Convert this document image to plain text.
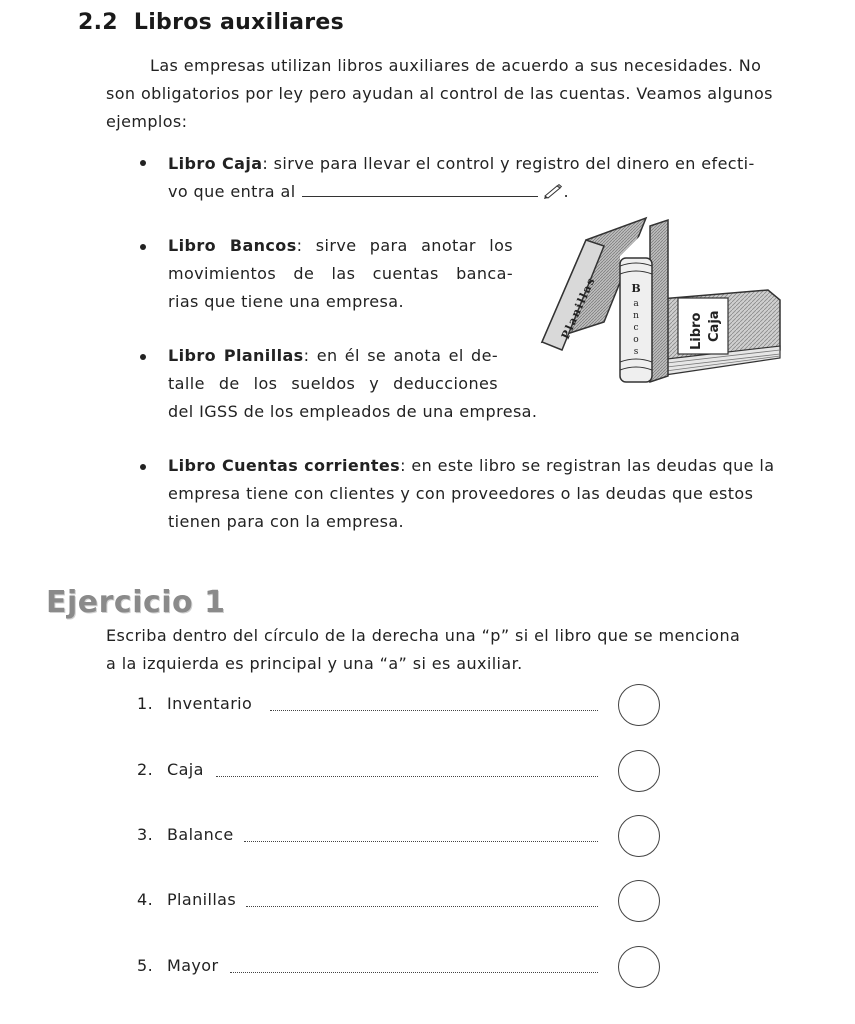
2.2 Libros auxiliares
Las empresas utilizan libros auxiliares de acuerdo a sus necesidades. No son obligatorios por ley pero ayudan al control de las cuentas. Veamos algunos ejemplos:
Libro Caja: sirve para llevar el control y registro del dinero en efecti-
vo que entra al	.
Libro Bancos: sirve para anotar los
movimientos de las cuentas banca-
rias que tiene una empresa.
Libro Planillas: en él se anota el de-
talle de los sueldos y deducciones
del IGSS de los empleados de una empresa.
Libro Caja
Planillas	B
a
n
c
o
s
Libro Cuentas corrientes: en este libro se registran las deudas que la
empresa tiene con clientes y con proveedores o las deudas que estos
tienen para con la empresa.
Ejercicio 1
Escriba dentro del círculo de la derecha una “p” si el libro que se menciona
a la izquierda es principal y una “a” si es auxiliar.
1. Inventario
2. Caja
3. Balance
4. Planillas
5. Mayor
